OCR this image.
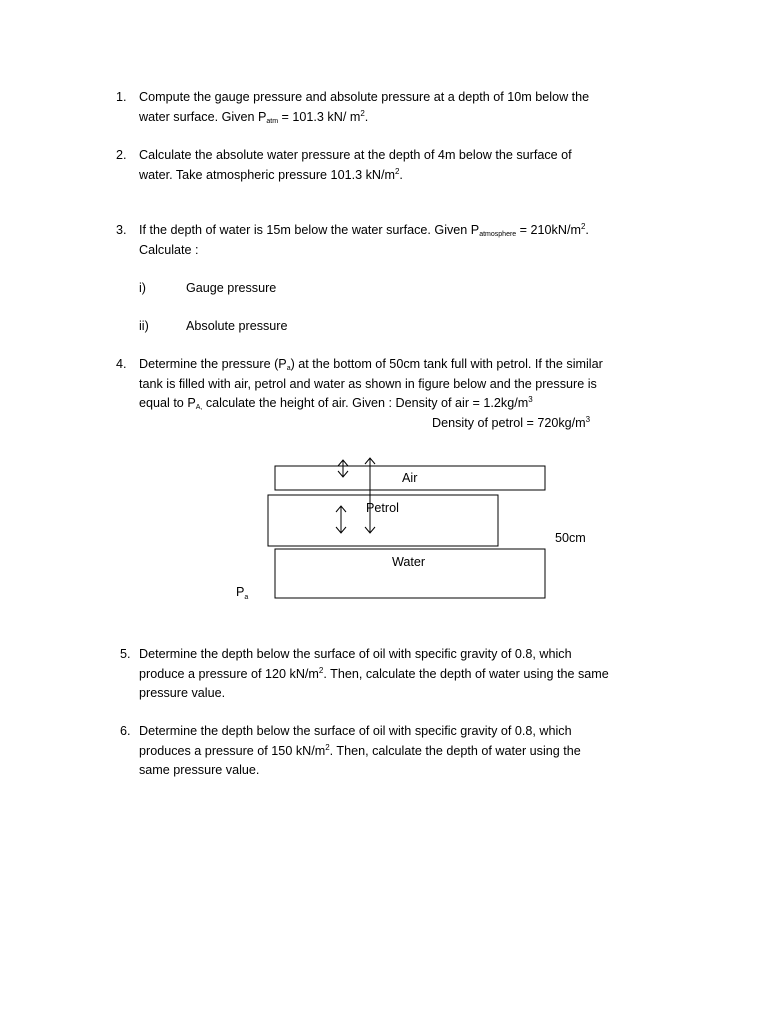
1. Compute the gauge pressure and absolute pressure at a depth of 10m below the
water surface. Given $P_{atm} = 101.3$ kN/ $m^2$.
2. Calculate the absolute water pressure at the depth of 4m below the surface of
water. Take atmospheric pressure 101.3 $kN/m^2$.
3. If the depth of water is 15m below the water surface. Given $P_{atmosphere} = 210kN/m^2$.
Calculate :
i)	Gauge pressure
ii)	Absolute pressure
4. Determine the pressure $(P_a)$ at the bottom of 50cm tank full with petrol. If the similar
tank is filled with air, petrol and water as shown in figure below and the pressure is
equal to $P_{A,}$ calculate the height of air. Given : Density of air = $1.2kg/m^3$
Density of petrol = $720kg/m^3$
Air
Petrol
Water
50cm
$P_a$
5. Determine the depth below the surface of oil with specific gravity of 0.8, which
produce a pressure of 120 $kN/m^2$. Then, calculate the depth of water using the same
pressure value.
6. Determine the depth below the surface of oil with specific gravity of 0.8, which
produces a pressure of 150 $kN/m^2$. Then, calculate the depth of water using the
same pressure value.
